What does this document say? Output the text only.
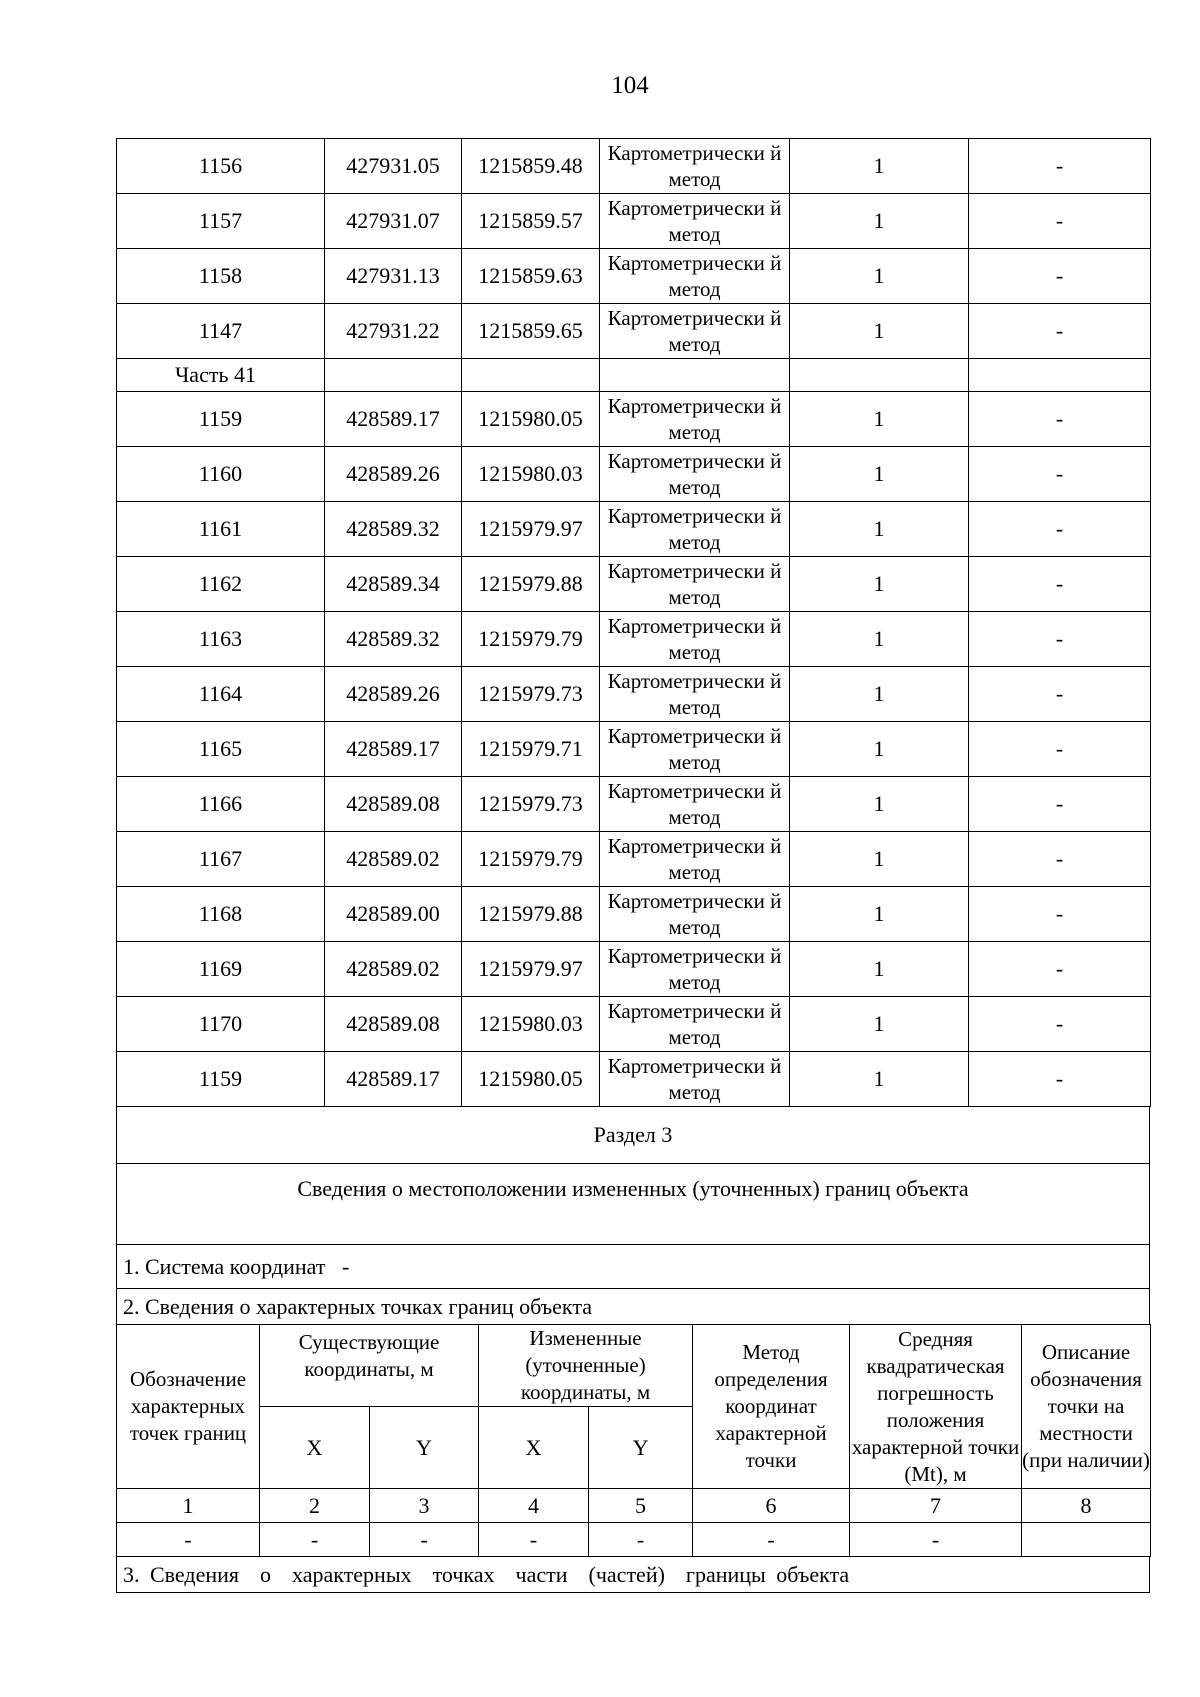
104
1156	427931.05	1215859.48	Картометрически й метод	1	-
1157	427931.07	1215859.57	Картометрически й метод	1	-
1158	427931.13	1215859.63	Картометрически й метод	1	-
1147	427931.22	1215859.65	Картометрически й метод	1	-
Часть 41					
1159	428589.17	1215980.05	Картометрически й метод	1	-
1160	428589.26	1215980.03	Картометрически й метод	1	-
1161	428589.32	1215979.97	Картометрически й метод	1	-
1162	428589.34	1215979.88	Картометрически й метод	1	-
1163	428589.32	1215979.79	Картометрически й метод	1	-
1164	428589.26	1215979.73	Картометрически й метод	1	-
1165	428589.17	1215979.71	Картометрически й метод	1	-
1166	428589.08	1215979.73	Картометрически й метод	1	-
1167	428589.02	1215979.79	Картометрически й метод	1	-
1168	428589.00	1215979.88	Картометрически й метод	1	-
1169	428589.02	1215979.97	Картометрически й метод	1	-
1170	428589.08	1215980.03	Картометрически й метод	1	-
1159	428589.17	1215980.05	Картометрически й метод	1	-
Раздел 3
Сведения о местоположении измененных (уточненных) границ объекта
1. Система координат   -
2. Сведения о характерных точках границ объекта
Обозначение характерных точек границ	Существующие координаты, м		Измененные (уточненные) координаты, м		Метод определения координат характерной точки	Средняя квадратическая погрешность положения характерной точки (Mt), м	Описание обозначения точки на местности (при наличии)
	X	Y	X	Y			
1	2	3	4	5	6	7	8
-	-	-	-	-	-	-	
3. Сведения  о  характерных  точках  части  (частей)  границы объекта
